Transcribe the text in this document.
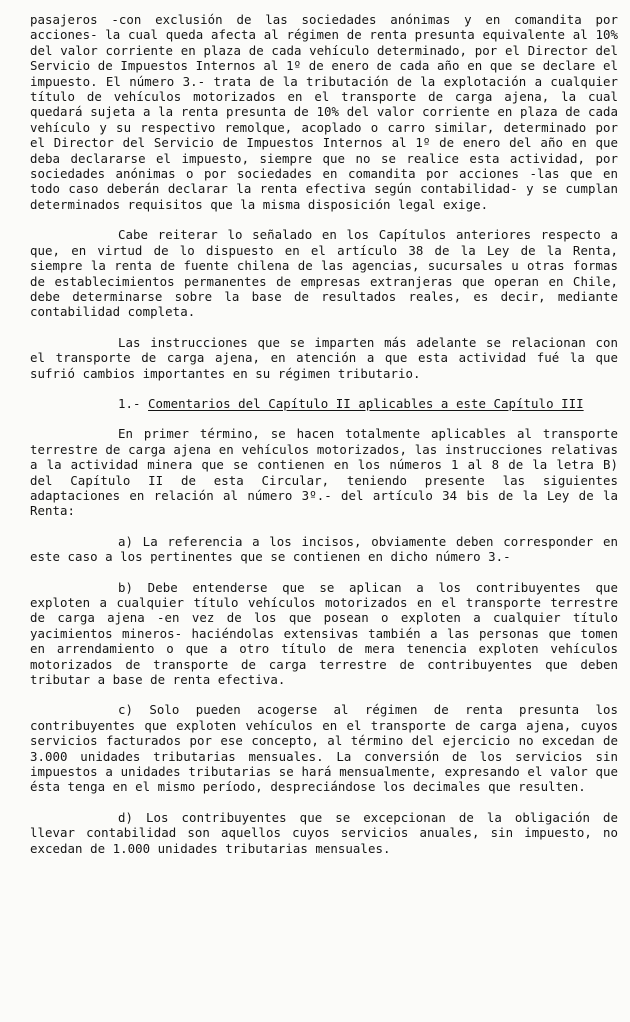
pasajeros -con exclusión de las sociedades anónimas y en comandita por acciones- la cual queda afecta al régimen de renta presunta equivalente al 10% del valor corriente en plaza de cada vehículo determinado, por el Director del Servicio de Impuestos Internos al 1º de enero de cada año en que se declare el impuesto. El número 3.- trata de la tributación de la explotación a cualquier título de vehículos motorizados en el transporte de carga ajena, la cual quedará sujeta a la renta presunta de 10% del valor corriente en plaza de cada vehículo y su respectivo remolque, acoplado o carro similar, determinado por el Director del Servicio de Impuestos Internos al 1º de enero del año en que deba declararse el impuesto, siempre que no se realice esta actividad, por sociedades anónimas o por sociedades en comandita por acciones -las que en todo caso deberán declarar la renta efectiva según contabilidad- y se cumplan determinados requisitos que la misma disposición legal exige.

Cabe reiterar lo señalado en los Capítulos anteriores respecto a que, en virtud de lo dispuesto en el artículo 38 de la Ley de la Renta, siempre la renta de fuente chilena de las agencias, sucursales u otras formas de establecimientos permanentes de empresas extranjeras que operan en Chile, debe determinarse sobre la base de resultados reales, es decir, mediante contabilidad completa.

Las instrucciones que se imparten más adelante se relacionan con el transporte de carga ajena, en atención a que esta actividad fué la que sufrió cambios importantes en su régimen tributario.

1.- Comentarios del Capítulo II aplicables a este Capítulo III

En primer término, se hacen totalmente aplicables al transporte terrestre de carga ajena en vehículos motorizados, las instrucciones relativas a la actividad minera que se contienen en los números 1 al 8 de la letra B) del Capítulo II de esta Circular, teniendo presente las siguientes adaptaciones en relación al número 3º.- del artículo 34 bis de la Ley de la Renta:

a) La referencia a los incisos, obviamente deben corresponder en este caso a los pertinentes que se contienen en dicho número 3.-

b) Debe entenderse que se aplican a los contribuyentes que exploten a cualquier título vehículos motorizados en el transporte terrestre de carga ajena -en vez de los que posean o exploten a cualquier título yacimientos mineros- haciéndolas extensivas también a las personas que tomen en arrendamiento o que a otro título de mera tenencia exploten vehículos motorizados de transporte de carga terrestre de contribuyentes que deben tributar a base de renta efectiva.

c) Solo pueden acogerse al régimen de renta presunta los contribuyentes que exploten vehículos en el transporte de carga ajena, cuyos servicios facturados por ese concepto, al término del ejercicio no excedan de 3.000 unidades tributarias mensuales. La conversión de los servicios sin impuestos a unidades tributarias se hará mensualmente, expresando el valor que ésta tenga en el mismo período, despreciándose los decimales que resulten.

d) Los contribuyentes que se excepcionan de la obligación de llevar contabilidad son aquellos cuyos servicios anuales, sin impuesto, no excedan de 1.000 unidades tributarias mensuales.
